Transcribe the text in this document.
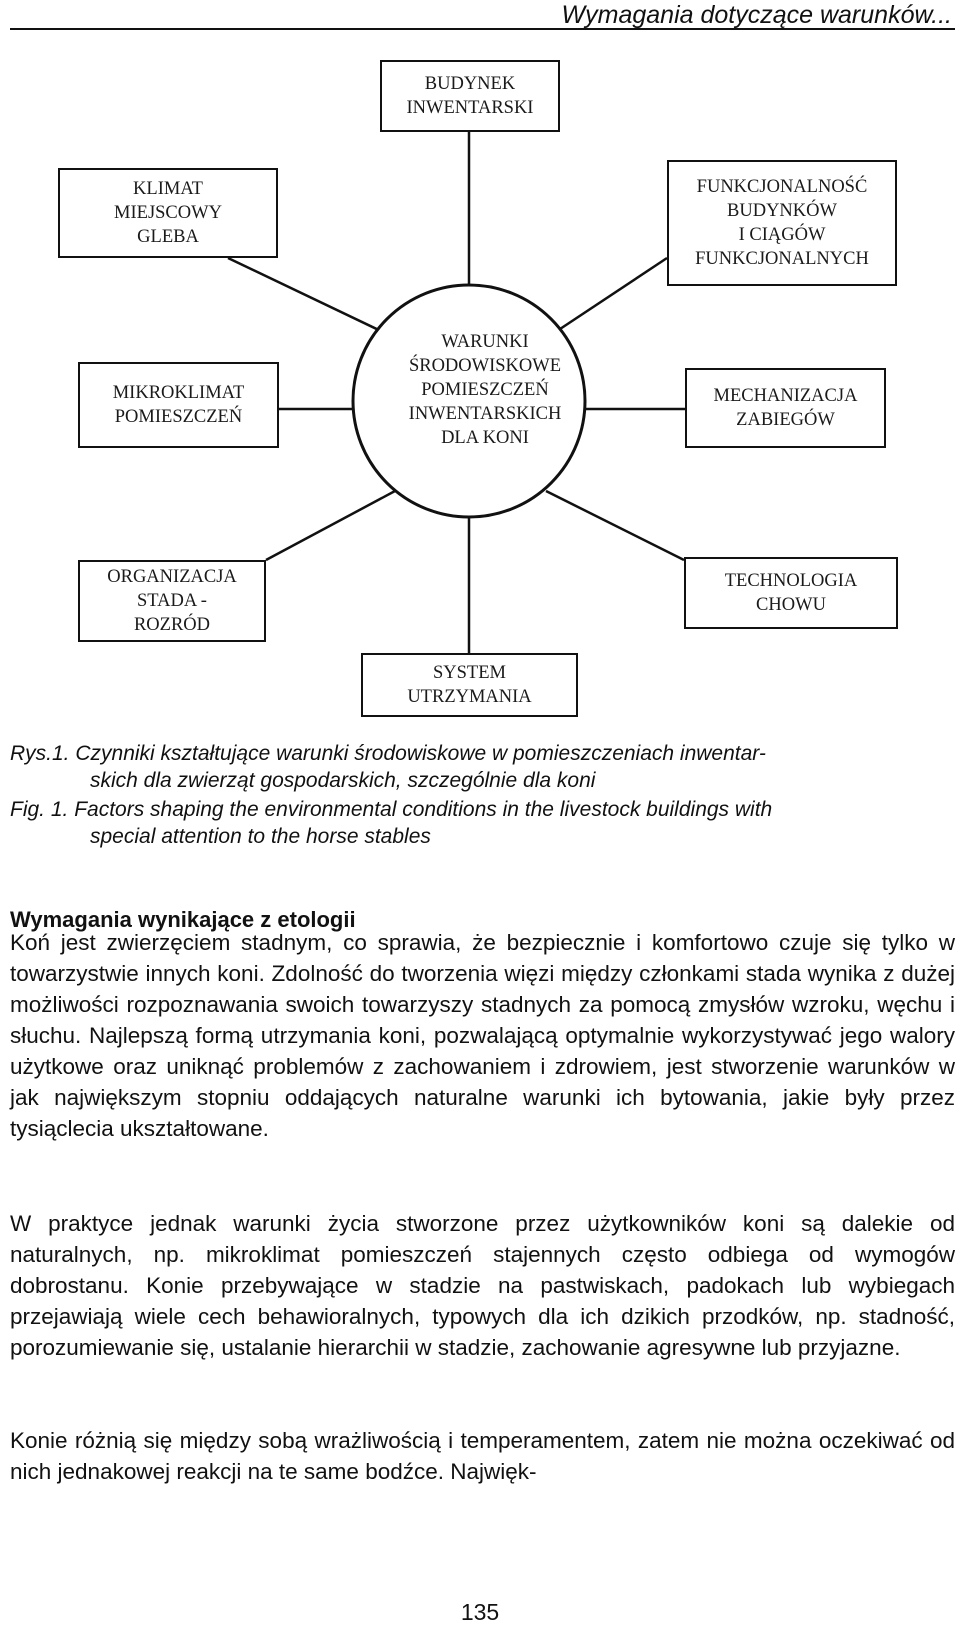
Wymagania dotyczące warunków...
BUDYNEK
INWENTARSKI
KLIMAT
MIEJSCOWY
GLEBA
FUNKCJONALNOŚĆ
BUDYNKÓW
I CIĄGÓW
FUNKCJONALNYCH
MIKROKLIMAT
POMIESZCZEŃ
MECHANIZACJA
ZABIEGÓW
ORGANIZACJA
STADA -
ROZRÓD
TECHNOLOGIA
CHOWU
SYSTEM
UTRZYMANIA
WARUNKI
ŚRODOWISKOWE
POMIESZCZEŃ
INWENTARSKICH
DLA KONI
Rys.1. Czynniki kształtujące warunki środowiskowe w pomieszczeniach inwentar-
skich dla zwierząt gospodarskich, szczególnie dla koni
Fig. 1. Factors shaping the environmental conditions in the livestock buildings with
special attention to the horse stables
Wymagania wynikające z etologii

Koń jest zwierzęciem stadnym, co sprawia, że bezpiecznie i komfortowo czuje się tylko w towarzystwie innych koni. Zdolność do tworzenia więzi między członkami stada wynika z dużej możliwości rozpoznawania swoich towarzyszy stadnych za pomocą zmysłów wzroku, węchu i słuchu. Najlepszą formą utrzymania koni, pozwalającą optymalnie wykorzystywać jego walory użytkowe oraz uniknąć problemów z zachowaniem i zdrowiem, jest stworzenie warunków w jak największym stopniu oddających naturalne warunki ich bytowania, jakie były przez tysiąclecia ukształtowane.

W praktyce jednak warunki życia stworzone przez użytkowników koni są dalekie od naturalnych, np. mikroklimat pomieszczeń stajennych często odbiega od wymogów dobrostanu. Konie przebywające w stadzie na pastwiskach, padokach lub wybiegach przejawiają wiele cech behawioralnych, typowych dla ich dzikich przodków, np. stadność, porozumiewanie się, ustalanie hierarchii w stadzie, zachowanie agresywne lub przyjazne.

Konie różnią się między sobą wrażliwością i temperamentem, zatem nie można oczekiwać od nich jednakowej reakcji na te same bodźce. Najwięk-

135
